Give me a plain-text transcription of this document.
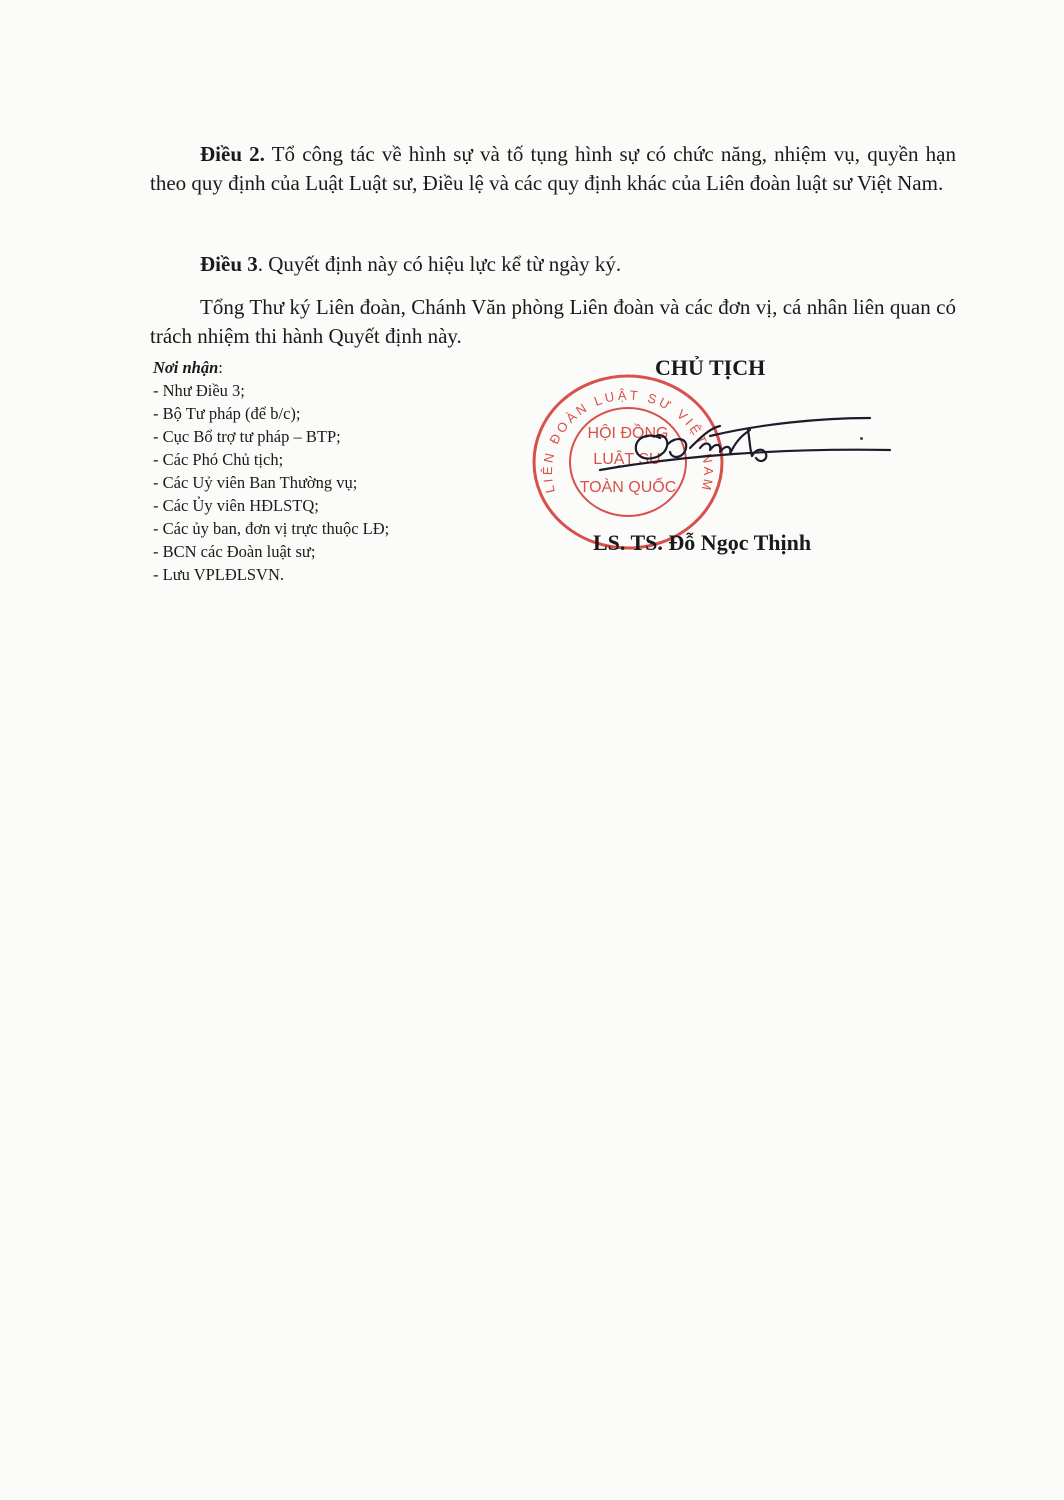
Điều 2. Tổ công tác về hình sự và tố tụng hình sự có chức năng, nhiệm vụ, quyền hạn theo quy định của Luật Luật sư, Điều lệ và các quy định khác của Liên đoàn luật sư Việt Nam.

Điều 3. Quyết định này có hiệu lực kể từ ngày ký.

Tổng Thư ký Liên đoàn, Chánh Văn phòng Liên đoàn và các đơn vị, cá nhân liên quan có trách nhiệm thi hành Quyết định này.

Nơi nhận:
- Như Điều 3;
- Bộ Tư pháp (để b/c);
- Cục Bổ trợ tư pháp – BTP;
- Các Phó Chủ tịch;
- Các Uỷ viên Ban Thường vụ;
- Các Ủy viên HĐLSTQ;
- Các ủy ban, đơn vị trực thuộc LĐ;
- BCN các Đoàn luật sư;
- Lưu VPLĐLSVN.
LIÊN ĐOÀN LUẬT SƯ VIỆT NAM
HỘI ĐỒNG
LUẬT SƯ
TOÀN QUỐC
CHỦ TỊCH
LS. TS. Đỗ Ngọc Thịnh
